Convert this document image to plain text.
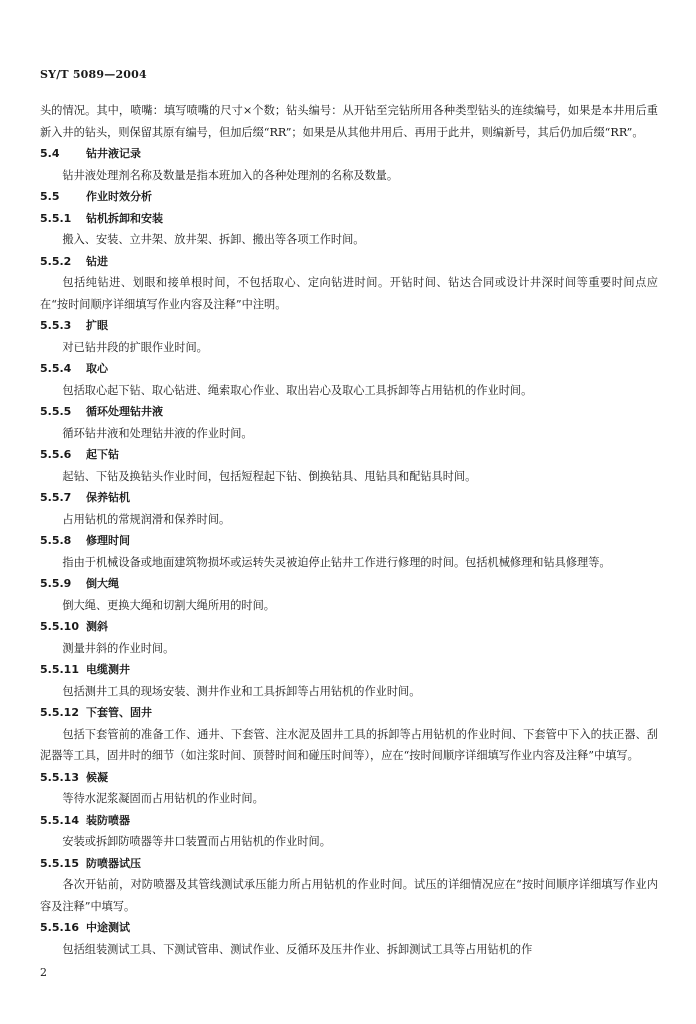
SY/T 5089—2004
头的情况。其中，喷嘴：填写喷嘴的尺寸×个数；钻头编号：从开钻至完钻所用各种类型钻头的连续编号，如果是本井用后重新入井的钻头，则保留其原有编号，但加后缀“RR”；如果是从其他井用后、再用于此井，则编新号，其后仍加后缀“RR”。
5.4 钻井液记录
钻井液处理剂名称及数量是指本班加入的各种处理剂的名称及数量。
5.5 作业时效分析
5.5.1 钻机拆卸和安装
搬入、安装、立井架、放井架、拆卸、搬出等各项工作时间。
5.5.2 钻进
包括纯钻进、划眼和接单根时间，不包括取心、定向钻进时间。开钻时间、钻达合同或设计井深时间等重要时间点应在“按时间顺序详细填写作业内容及注释”中注明。
5.5.3 扩眼
对已钻井段的扩眼作业时间。
5.5.4 取心
包括取心起下钻、取心钻进、绳索取心作业、取出岩心及取心工具拆卸等占用钻机的作业时间。
5.5.5 循环处理钻井液
循环钻井液和处理钻井液的作业时间。
5.5.6 起下钻
起钻、下钻及换钻头作业时间，包括短程起下钻、倒换钻具、甩钻具和配钻具时间。
5.5.7 保养钻机
占用钻机的常规润滑和保养时间。
5.5.8 修理时间
指由于机械设备或地面建筑物损坏或运转失灵被迫停止钻井工作进行修理的时间。包括机械修理和钻具修理等。
5.5.9 倒大绳
倒大绳、更换大绳和切割大绳所用的时间。
5.5.10 测斜
测量井斜的作业时间。
5.5.11 电缆测井
包括测井工具的现场安装、测井作业和工具拆卸等占用钻机的作业时间。
5.5.12 下套管、固井
包括下套管前的准备工作、通井、下套管、注水泥及固井工具的拆卸等占用钻机的作业时间、下套管中下入的扶正器、刮泥器等工具，固井时的细节（如注浆时间、顶替时间和碰压时间等），应在“按时间顺序详细填写作业内容及注释”中填写。
5.5.13 候凝
等待水泥浆凝固而占用钻机的作业时间。
5.5.14 装防喷器
安装或拆卸防喷器等井口装置而占用钻机的作业时间。
5.5.15 防喷器试压
各次开钻前，对防喷器及其管线测试承压能力所占用钻机的作业时间。试压的详细情况应在“按时间顺序详细填写作业内容及注释”中填写。
5.5.16 中途测试
包括组装测试工具、下测试管串、测试作业、反循环及压井作业、拆卸测试工具等占用钻机的作
2
